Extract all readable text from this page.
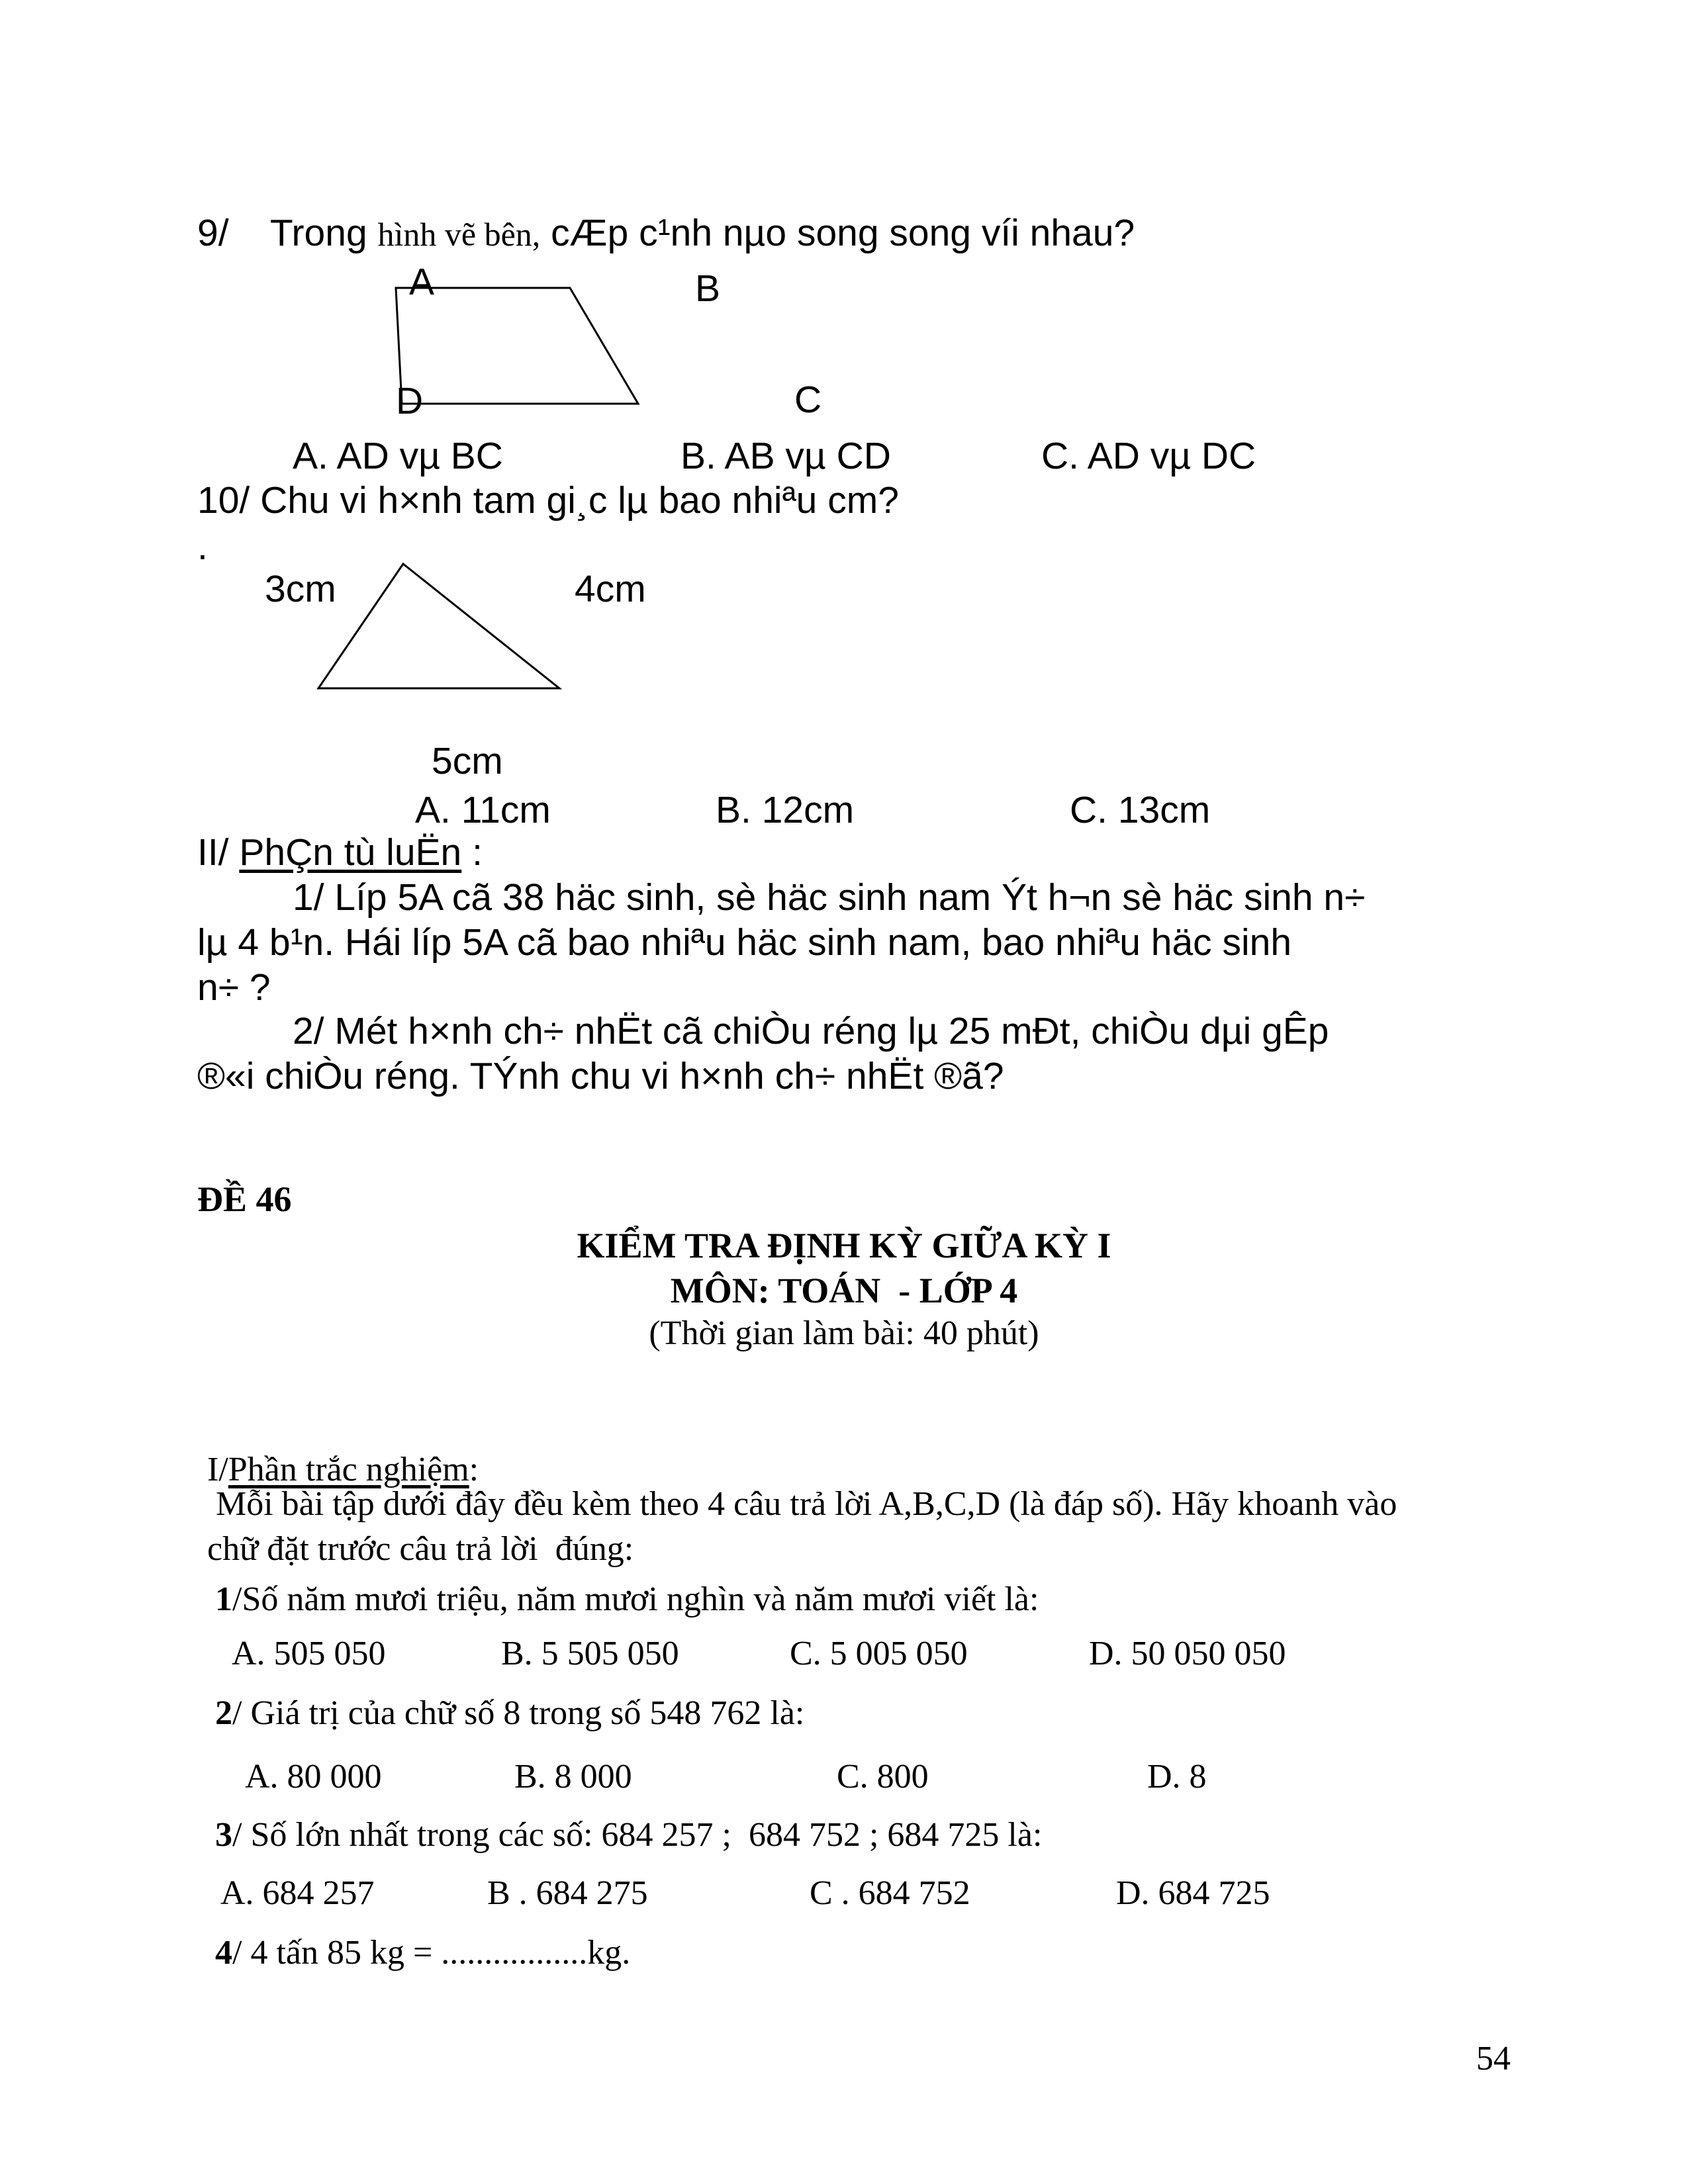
9/    Trong hình vẽ bên, cÆp c¹nh nµo song song víi nhau?
A	B
D	C
A. AD vµ BC	B. AB vµ CD	C. AD vµ DC
10/ Chu vi h×nh tam gi¸c lµ bao nhiªu cm?
.
3cm	4cm
5cm
A. 11cm	B. 12cm	C. 13cm
II/ PhÇn tù luËn :
1/ Líp 5A cã 38 häc sinh, sè häc sinh nam Ýt h¬n sè häc sinh n÷
lµ 4 b¹n. Hái líp 5A cã bao nhiªu häc sinh nam, bao nhiªu häc sinh
n÷ ?
2/ Mét h×nh ch÷ nhËt cã chiÒu réng lµ 25 mÐt, chiÒu dµi gÊp
®«i chiÒu réng. TÝnh chu vi h×nh ch÷ nhËt ®ã?
ĐỀ 46
KIỂM TRA ĐỊNH KỲ GIỮA KỲ I
MÔN: TOÁN  - LỚP 4
(Thời gian làm bài: 40 phút)
I/Phần trắc nghiệm:
Mỗi bài tập dưới đây đều kèm theo 4 câu trả lời A,B,C,D (là đáp số). Hãy khoanh vào
chữ đặt trước câu trả lời  đúng:
1/Số năm mươi triệu, năm mươi nghìn và năm mươi viết là:
A. 505 050	B. 5 505 050	C. 5 005 050	D. 50 050 050
2/ Giá trị của chữ số 8 trong số 548 762 là:
A. 80 000	B. 8 000	C. 800	D. 8
3/ Số lớn nhất trong các số: 684 257 ;  684 752 ; 684 725 là:
A. 684 257	B . 684 275	C . 684 752	D. 684 725
4/ 4 tấn 85 kg = .................kg.
54
